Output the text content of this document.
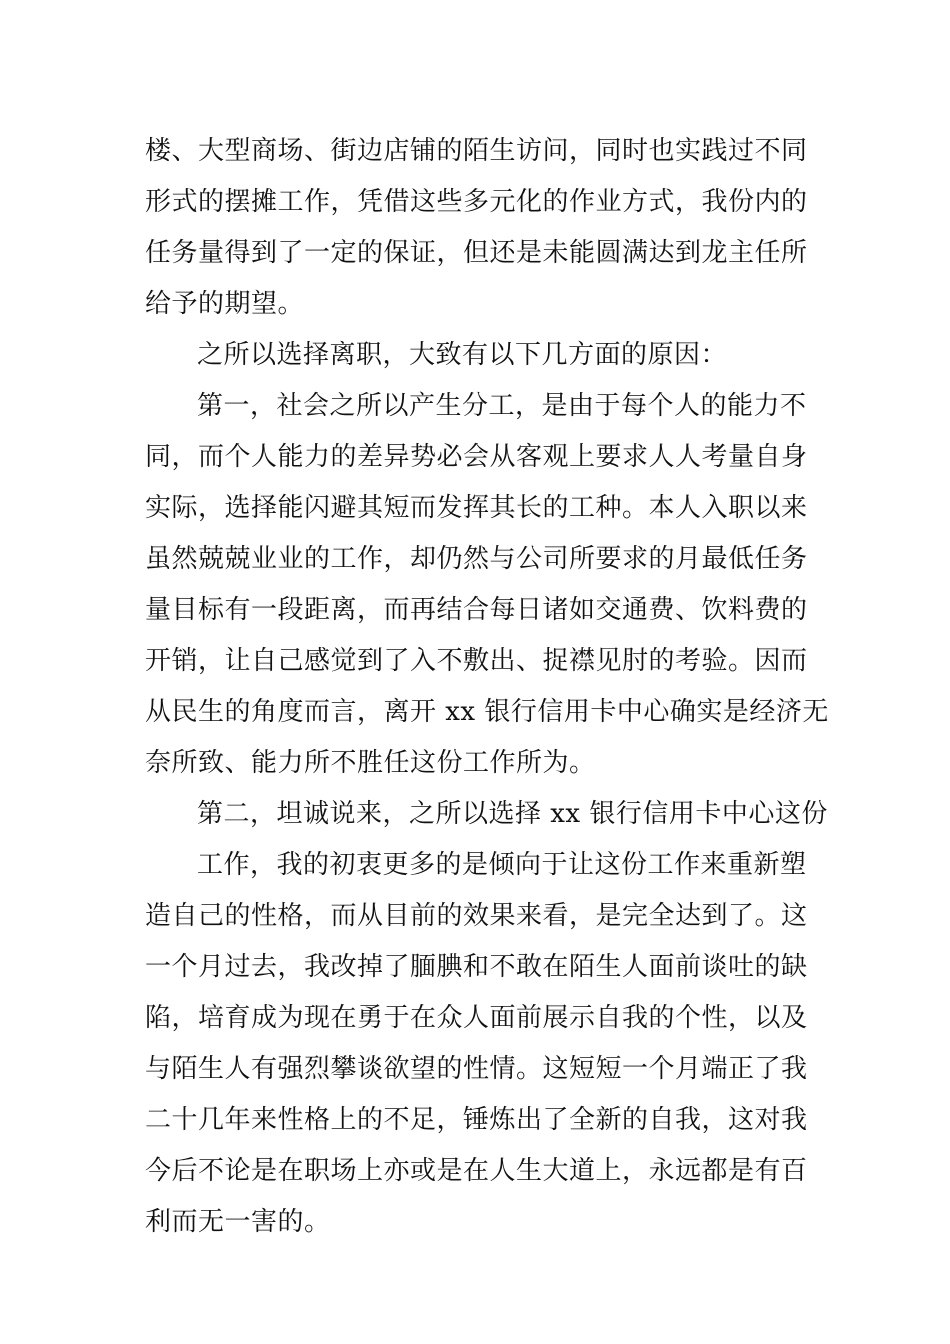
楼、大型商场、街边店铺的陌生访问，同时也实践过不同
形式的摆摊工作，凭借这些多元化的作业方式，我份内的
任务量得到了一定的保证，但还是未能圆满达到龙主任所
给予的期望。
之所以选择离职，大致有以下几方面的原因：
第一，社会之所以产生分工，是由于每个人的能力不
同，而个人能力的差异势必会从客观上要求人人考量自身
实际，选择能闪避其短而发挥其长的工种。本人入职以来
虽然兢兢业业的工作，却仍然与公司所要求的月最低任务
量目标有一段距离，而再结合每日诸如交通费、饮料费的
开销，让自己感觉到了入不敷出、捉襟见肘的考验。因而
从民生的角度而言，离开 xx 银行信用卡中心确实是经济无
奈所致、能力所不胜任这份工作所为。
第二，坦诚说来，之所以选择 xx 银行信用卡中心这份
工作，我的初衷更多的是倾向于让这份工作来重新塑
造自己的性格，而从目前的效果来看，是完全达到了。这
一个月过去，我改掉了腼腆和不敢在陌生人面前谈吐的缺
陷，培育成为现在勇于在众人面前展示自我的个性，以及
与陌生人有强烈攀谈欲望的性情。这短短一个月端正了我
二十几年来性格上的不足，锤炼出了全新的自我，这对我
今后不论是在职场上亦或是在人生大道上，永远都是有百
利而无一害的。
